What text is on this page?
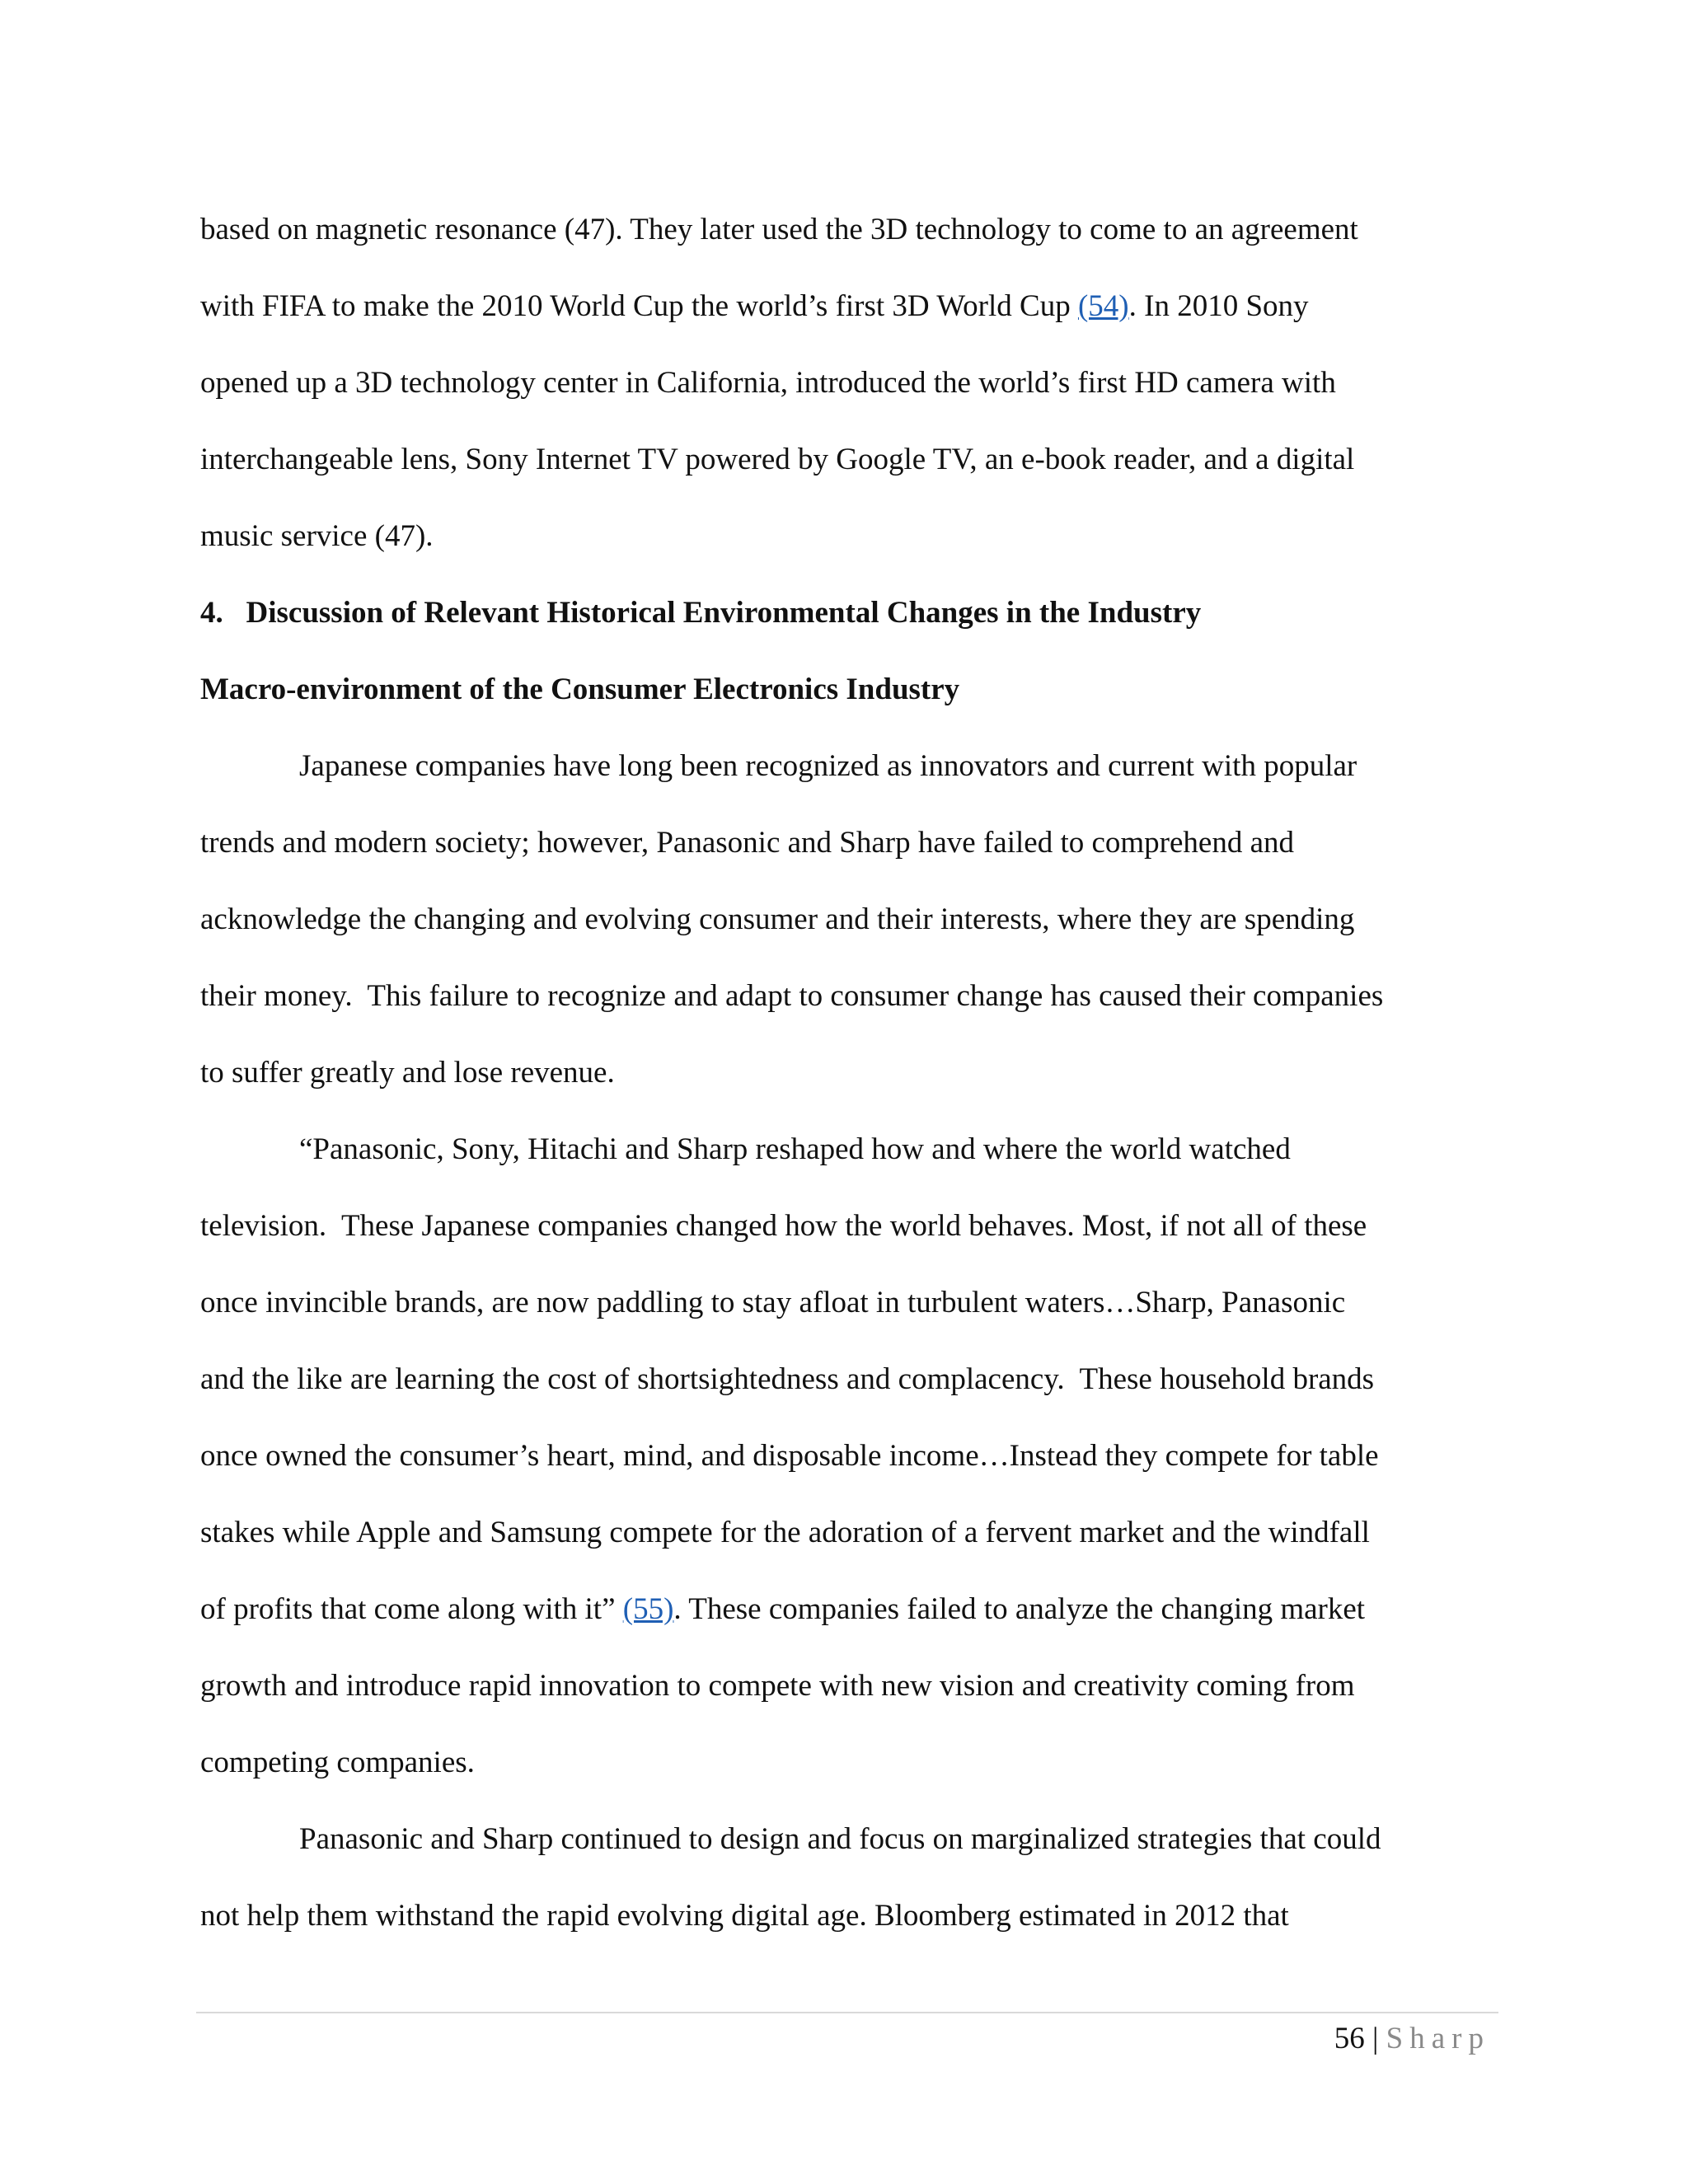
based on magnetic resonance (47). They later used the 3D technology to come to an agreement
with FIFA to make the 2010 World Cup the world’s first 3D World Cup (54). In 2010 Sony
opened up a 3D technology center in California, introduced the world’s first HD camera with
interchangeable lens, Sony Internet TV powered by Google TV, an e-book reader, and a digital
music service (47).
4.   Discussion of Relevant Historical Environmental Changes in the Industry
Macro-environment of the Consumer Electronics Industry
Japanese companies have long been recognized as innovators and current with popular
trends and modern society; however, Panasonic and Sharp have failed to comprehend and
acknowledge the changing and evolving consumer and their interests, where they are spending
their money.  This failure to recognize and adapt to consumer change has caused their companies
to suffer greatly and lose revenue.
“Panasonic, Sony, Hitachi and Sharp reshaped how and where the world watched
television.  These Japanese companies changed how the world behaves. Most, if not all of these
once invincible brands, are now paddling to stay afloat in turbulent waters…Sharp, Panasonic
and the like are learning the cost of shortsightedness and complacency.  These household brands
once owned the consumer’s heart, mind, and disposable income…Instead they compete for table
stakes while Apple and Samsung compete for the adoration of a fervent market and the windfall
of profits that come along with it” (55). These companies failed to analyze the changing market
growth and introduce rapid innovation to compete with new vision and creativity coming from
competing companies.
Panasonic and Sharp continued to design and focus on marginalized strategies that could
not help them withstand the rapid evolving digital age. Bloomberg estimated in 2012 that
56 | Sharp
